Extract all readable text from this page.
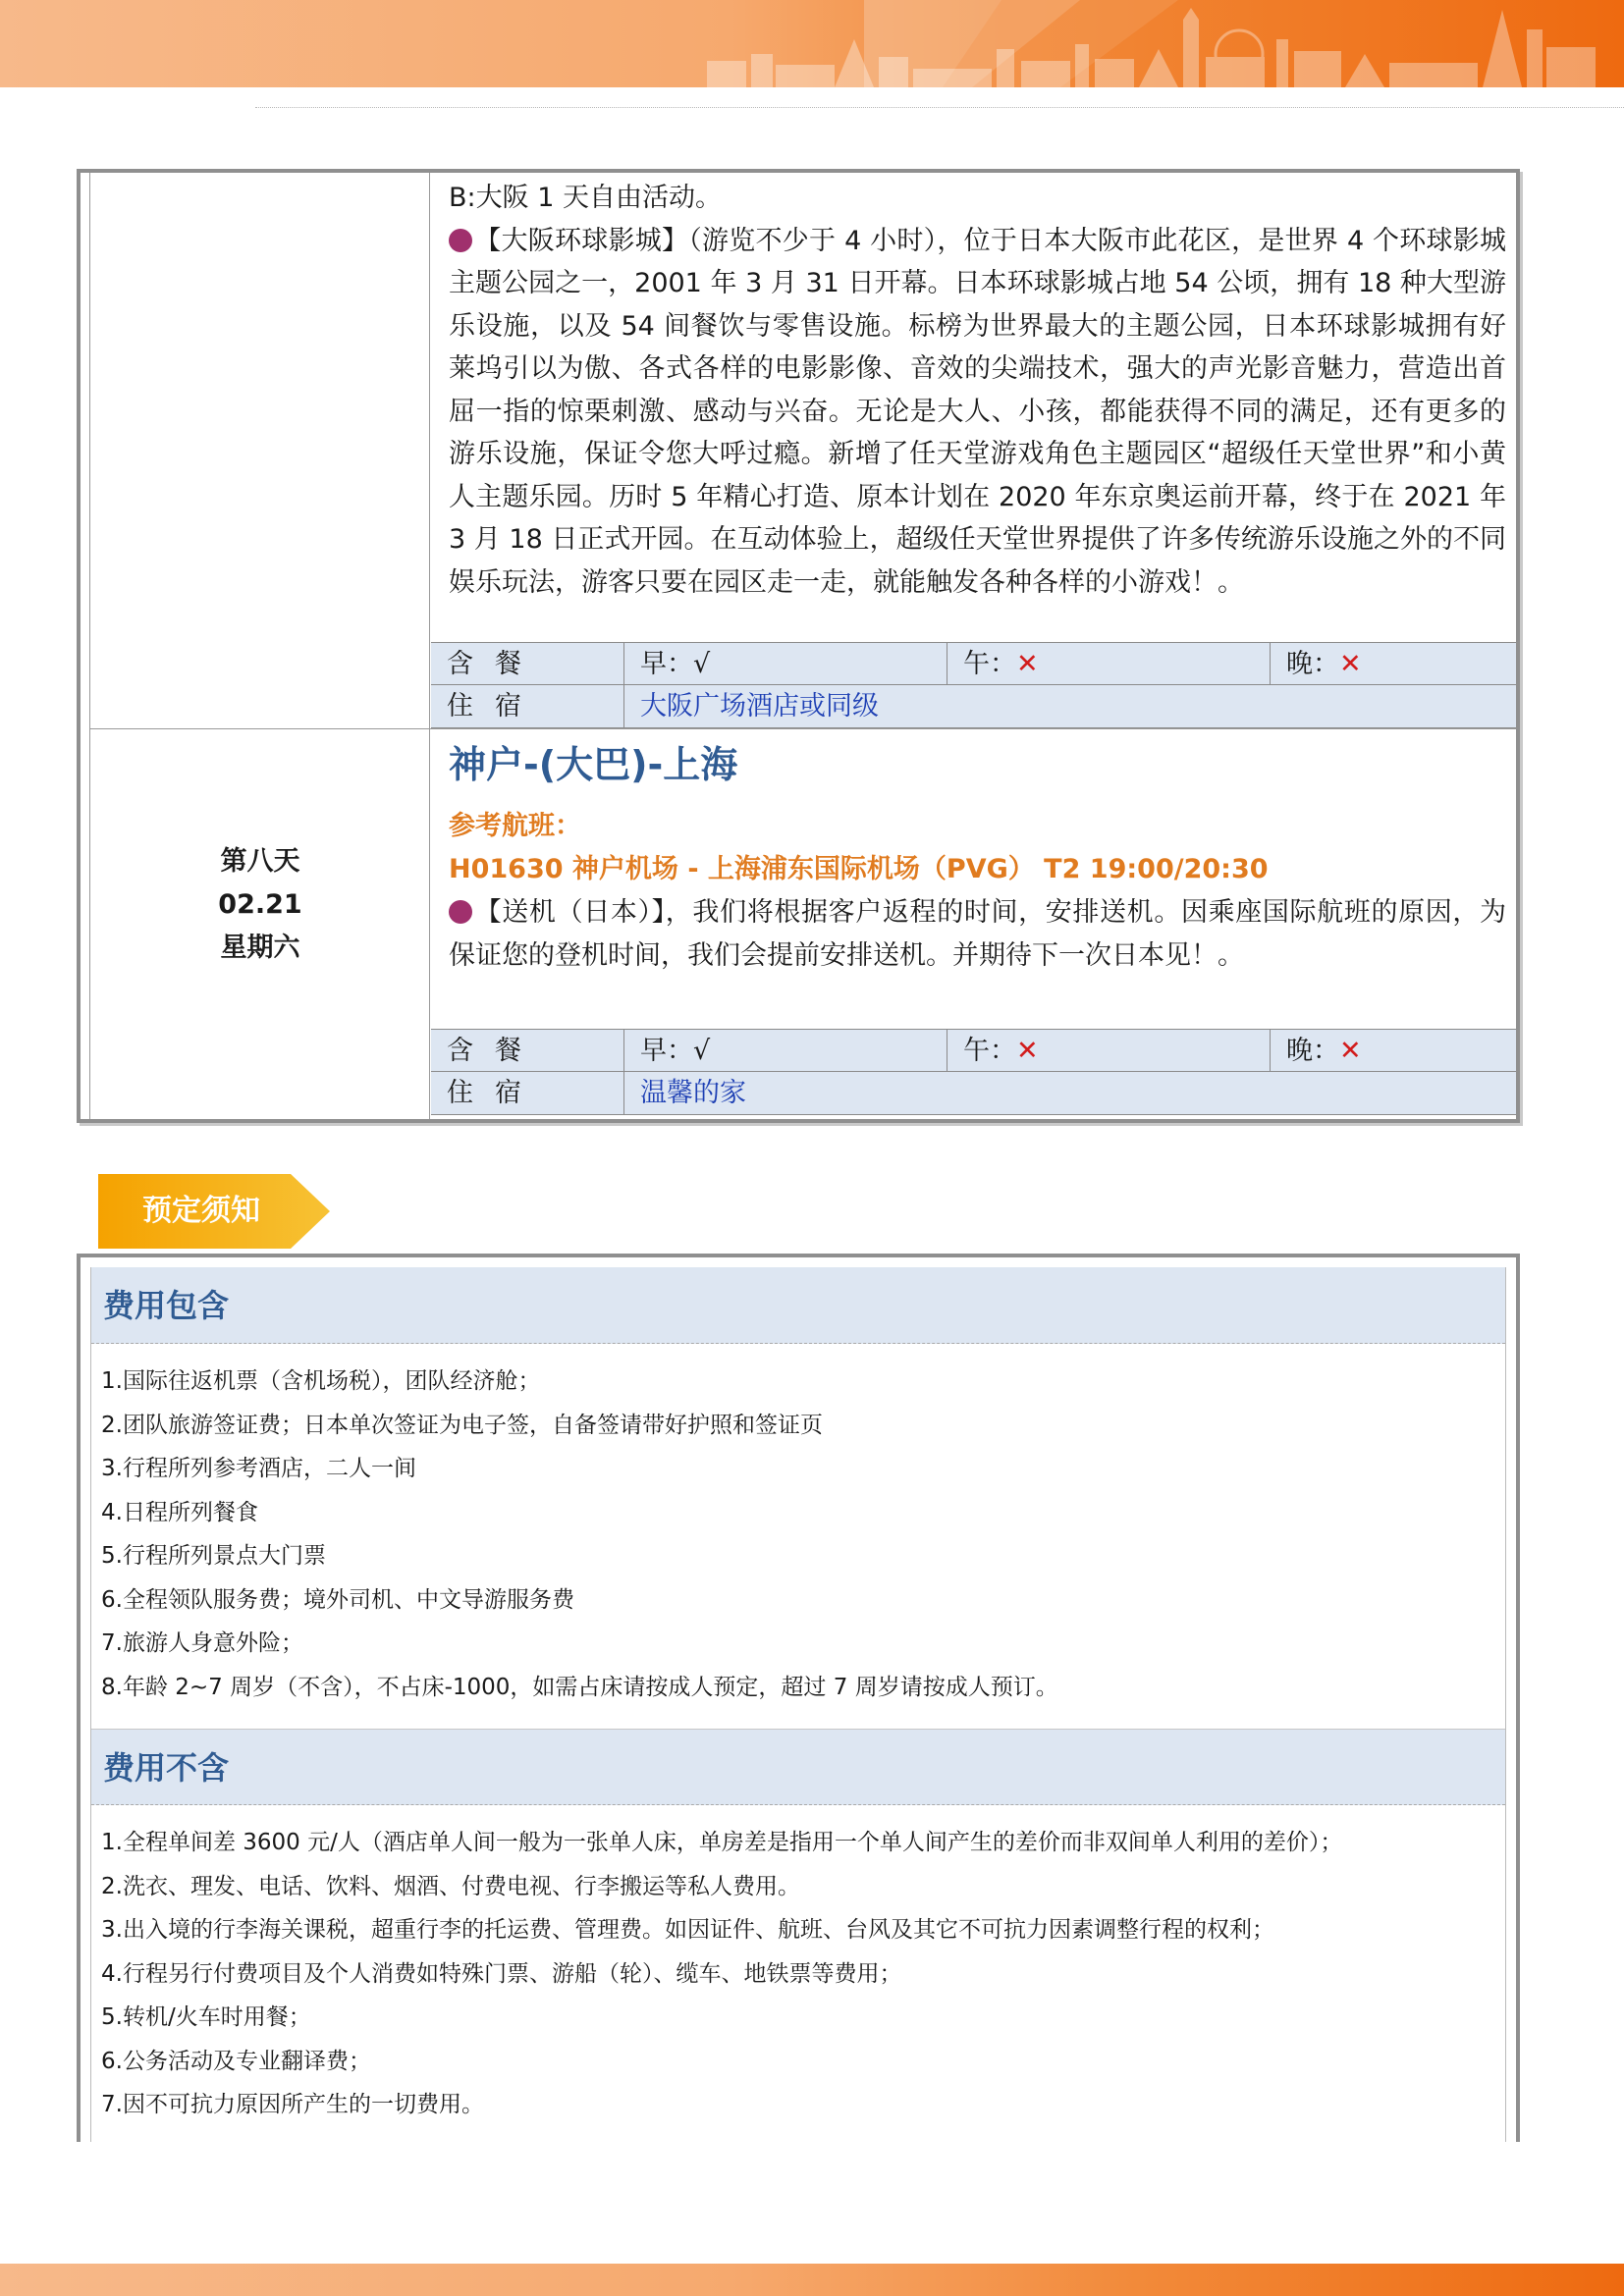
B:大阪 1 天自由活动。

【大阪环球影城】（游览不少于 4 小时），位于日本大阪市此花区，是世界 4 个环球影城主题公园之一，2001 年 3 月 31 日开幕。日本环球影城占地 54 公顷，拥有 18 种大型游乐设施，以及 54 间餐饮与零售设施。标榜为世界最大的主题公园，日本环球影城拥有好莱坞引以为傲、各式各样的电影影像、音效的尖端技术，强大的声光影音魅力，营造出首屈一指的惊栗刺激、感动与兴奋。无论是大人、小孩，都能获得不同的满足，还有更多的游乐设施，保证令您大呼过瘾。新增了任天堂游戏角色主题园区“超级任天堂世界”和小黄人主题乐园。历时 5 年精心打造、原本计划在 2020 年东京奥运前开幕，终于在 2021 年 3 月 18 日正式开园。在互动体验上，超级任天堂世界提供了许多传统游乐设施之外的不同娱乐玩法，游客只要在园区走一走，就能触发各种各样的小游戏！。

含餐	早：√	午：✕	晚：✕
住宿	大阪广场酒店或同级
第八天
02.21
星期六

神户-(大巴)-上海

参考航班：

H01630 神户机场 - 上海浦东国际机场（PVG） T2 19:00/20:30

【送机（日本）】，我们将根据客户返程的时间，安排送机。因乘座国际航班的原因，为保证您的登机时间，我们会提前安排送机。并期待下一次日本见！。

含餐	早：√	午：✕	晚：✕
住宿	温馨的家
预定须知
费用包含
1.国际往返机票（含机场税），团队经济舱；
2.团队旅游签证费；日本单次签证为电子签，自备签请带好护照和签证页
3.行程所列参考酒店，二人一间
4.日程所列餐食
5.行程所列景点大门票
6.全程领队服务费；境外司机、中文导游服务费
7.旅游人身意外险；
8.年龄 2~7 周岁（不含），不占床-1000，如需占床请按成人预定，超过 7 周岁请按成人预订。
费用不含
1.全程单间差 3600 元/人（酒店单人间一般为一张单人床，单房差是指用一个单人间产生的差价而非双间单人利用的差价）；
2.洗衣、理发、电话、饮料、烟酒、付费电视、行李搬运等私人费用。
3.出入境的行李海关课税，超重行李的托运费、管理费。如因证件、航班、台风及其它不可抗力因素调整行程的权利；
4.行程另行付费项目及个人消费如特殊门票、游船（轮）、缆车、地铁票等费用；
5.转机/火车时用餐；
6.公务活动及专业翻译费；
7.因不可抗力原因所产生的一切费用。
